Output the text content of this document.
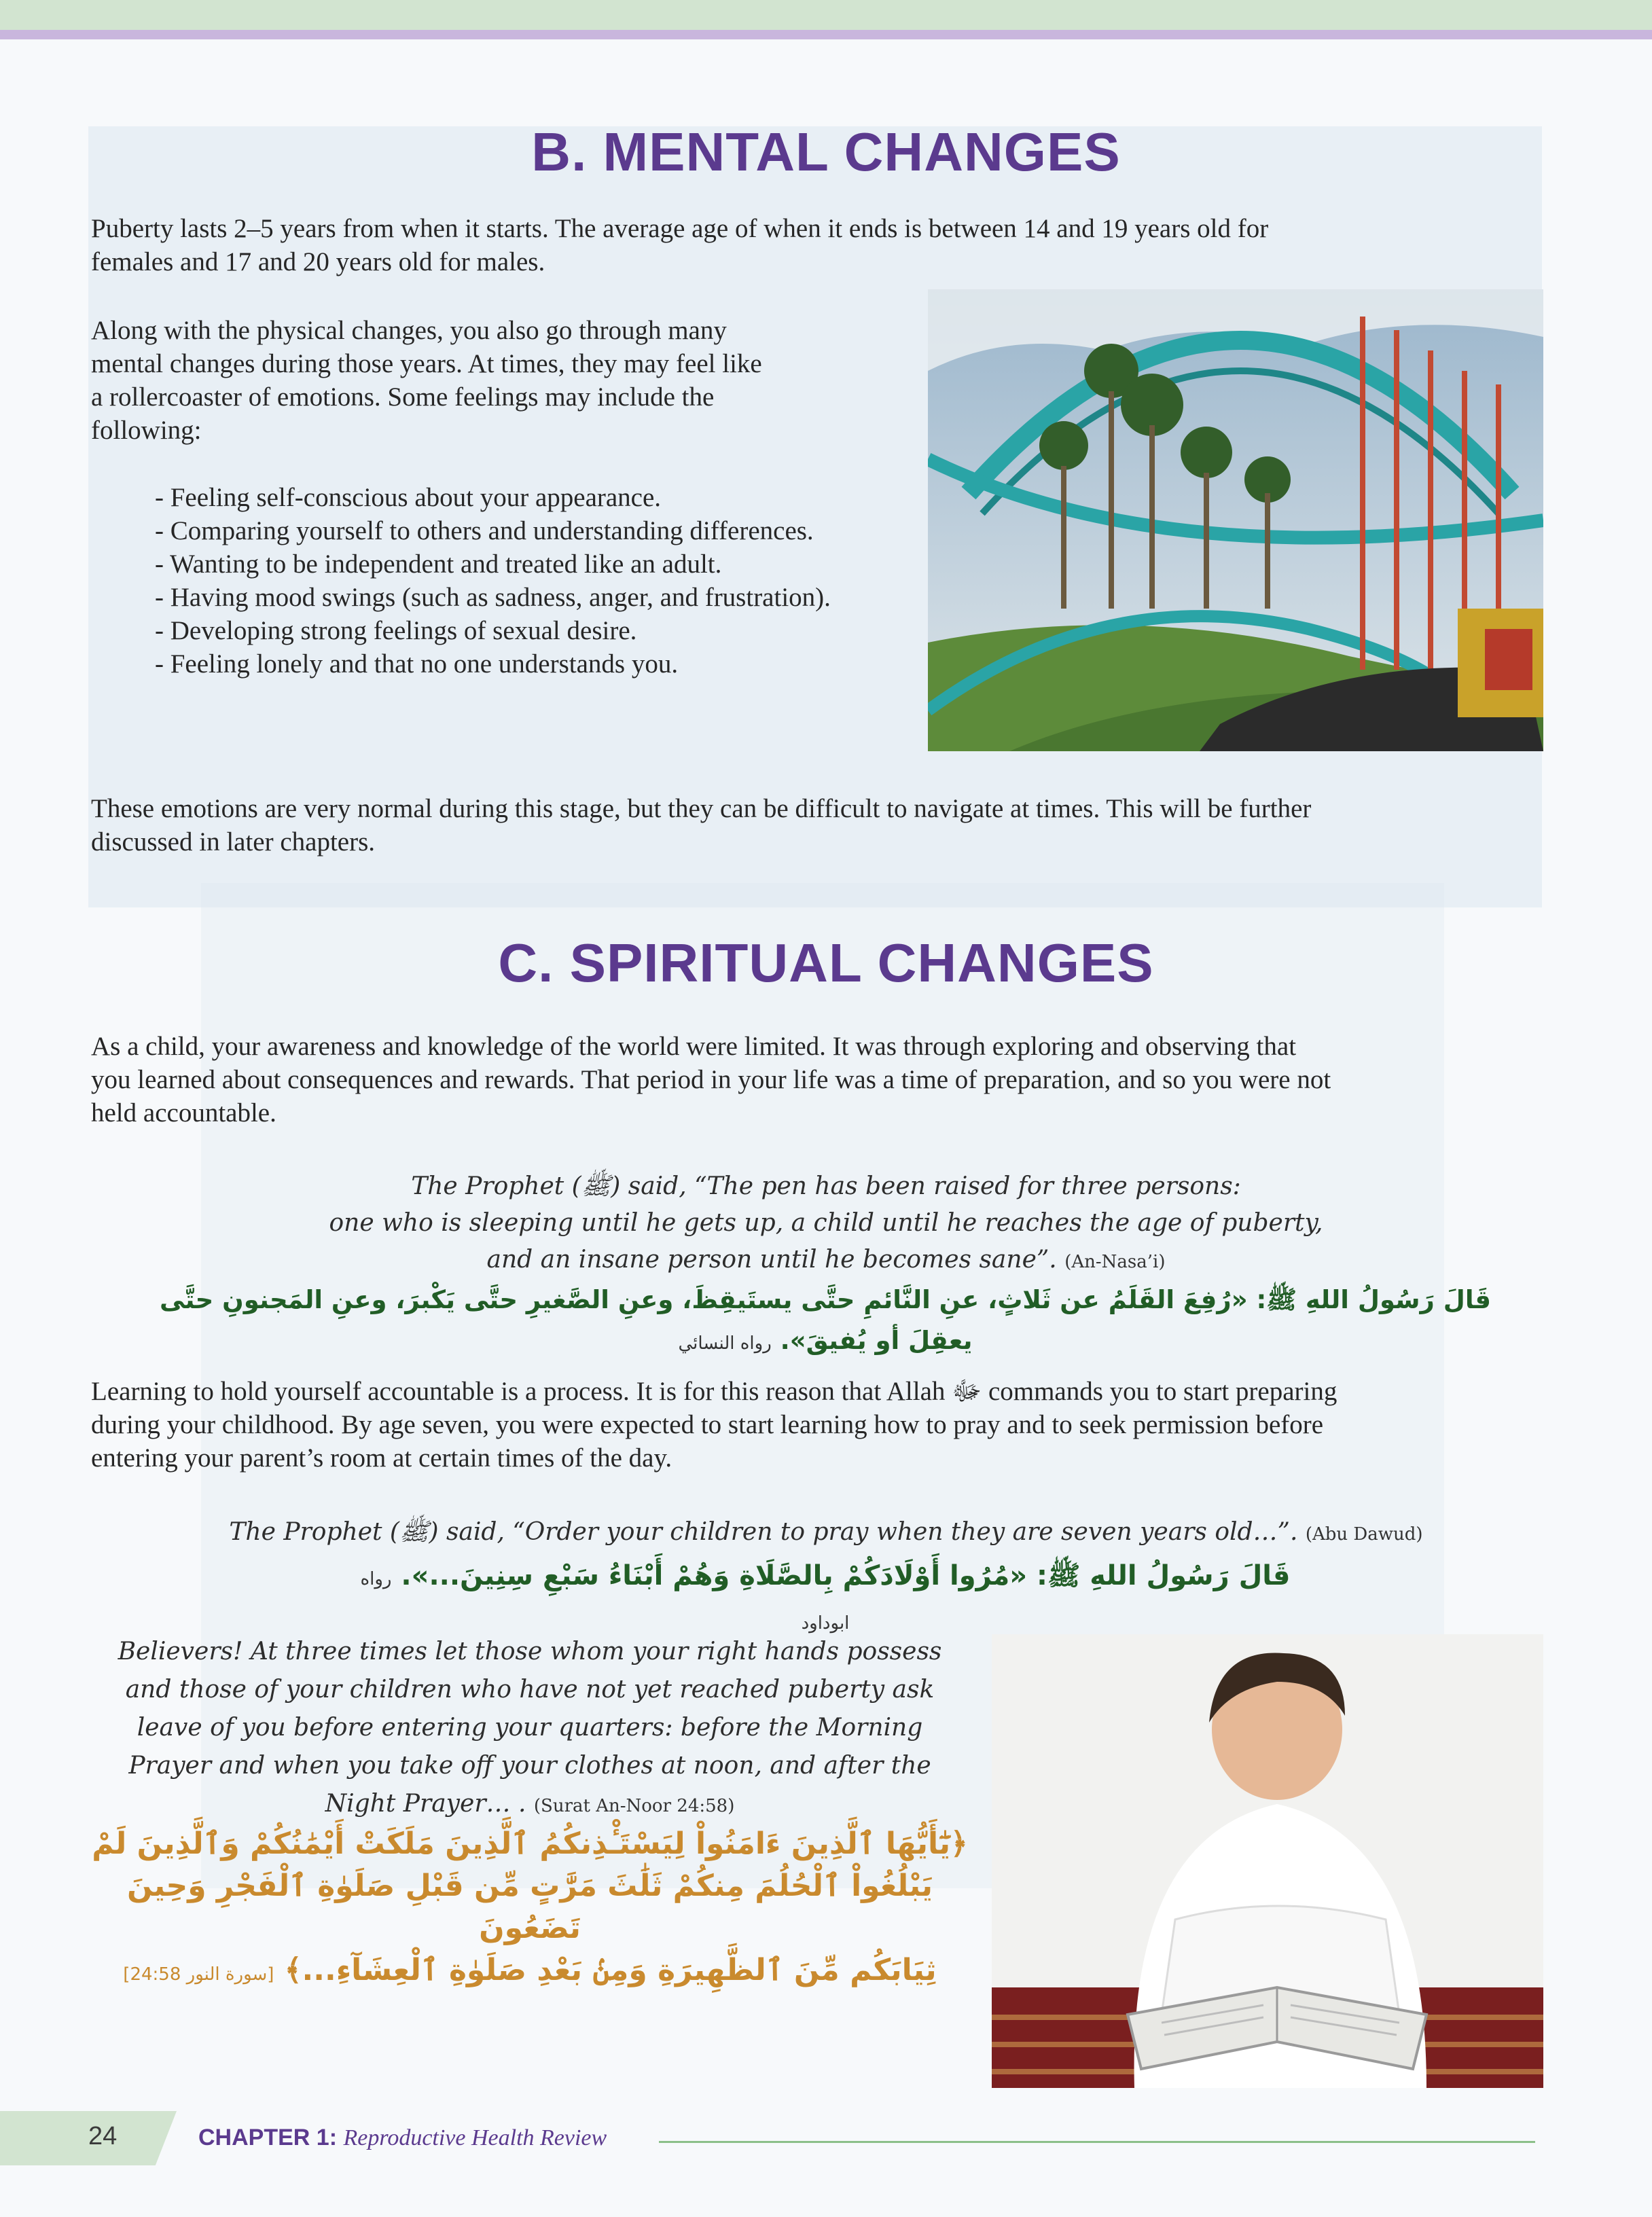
B. MENTAL CHANGES

Puberty lasts 2–5 years from when it starts. The average age of when it ends is between 14 and 19 years old for
females and 17 and 20 years old for males.

Along with the physical changes, you also go through many
mental changes during those years. At times, they may feel like
a rollercoaster of emotions. Some feelings may include the
following:

- Feeling self-conscious about your appearance.
- Comparing yourself to others and understanding differences.
- Wanting to be independent and treated like an adult.
- Having mood swings (such as sadness, anger, and frustration).
- Developing strong feelings of sexual desire.
- Feeling lonely and that no one understands you.

These emotions are very normal during this stage, but they can be difficult to navigate at times. This will be further
discussed in later chapters.

C. SPIRITUAL CHANGES

As a child, your awareness and knowledge of the world were limited. It was through exploring and observing that
you learned about consequences and rewards. That period in your life was a time of preparation, and so you were not
held accountable.

The Prophet (ﷺ) said, “The pen has been raised for three persons:
one who is sleeping until he gets up, a child until he reaches the age of puberty,
and an insane person until he becomes sane”. (An-Nasa’i)

قَالَ رَسُولُ اللهِ ﷺ: «رُفِعَ القَلَمُ عن ثَلاثٍ، عنِ النَّائمِ حتَّى يستَيقِظَ، وعنِ الصَّغيرِ حتَّى يَكْبرَ، وعنِ المَجنونِ حتَّى يعقِلَ أو يُفيقَ». رواه النسائي

Learning to hold yourself accountable is a process. It is for this reason that Allah ﷻ commands you to start preparing
during your childhood. By age seven, you were expected to start learning how to pray and to seek permission before
entering your parent’s room at certain times of the day.

The Prophet (ﷺ) said, “Order your children to pray when they are seven years old…”. (Abu Dawud)

قَالَ رَسُولُ اللهِ ﷺ: «مُرُوا أَوْلَادَكُمْ بِالصَّلَاةِ وَهُمْ أَبْنَاءُ سَبْعِ سِنِينَ...». رواه ابوداود

Believers! At three times let those whom your right hands possess
and those of your children who have not yet reached puberty ask
leave of you before entering your quarters: before the Morning
Prayer and when you take off your clothes at noon, and after the
Night Prayer… . (Surat An-Noor 24:58)

﴿يَٰٓأَيُّهَا ٱلَّذِينَ ءَامَنُواْ لِيَسْتَـْٔذِنكُمُ ٱلَّذِينَ مَلَكَتْ أَيْمَٰنُكُمْ وَٱلَّذِينَ لَمْ
يَبْلُغُواْ ٱلْحُلُمَ مِنكُمْ ثَلَٰثَ مَرَّٰتٍ مِّن قَبْلِ صَلَوٰةِ ٱلْفَجْرِ وَحِينَ تَضَعُونَ
ثِيَابَكُم مِّنَ ٱلظَّهِيرَةِ وَمِنۢ بَعْدِ صَلَوٰةِ ٱلْعِشَآءِ...﴾ [سورة النور 24:58]

24	CHAPTER 1: Reproductive Health Review
